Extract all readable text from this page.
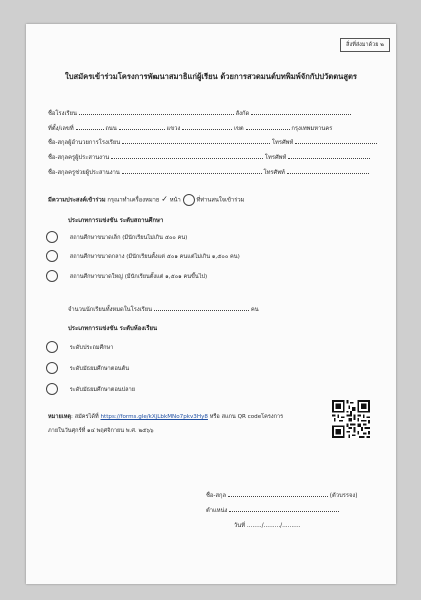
สิ่งที่ส่งมาด้วย ๒
ใบสมัครเข้าร่วมโครงการพัฒนาสมาธิแก่ผู้เรียน ด้วยการสวดมนต์บทพิมพ์จักกัปปวัตตนสูตร
ชื่อโรงเรียน	สังกัด
ที่ตั้ง/เลขที่	ถนน	แขวง	เขต	กรุงเทพมหานคร
ชื่อ-สกุลผู้อำนวยการโรงเรียน	โทรศัพท์
ชื่อ-สกุลครูผู้ประสานงาน	โทรศัพท์
ชื่อ-สกุลครูช่วยผู้ประสานงาน	โทรศัพท์
มีความประสงค์เข้าร่วม กรุณาทำเครื่องหมาย ✓ หน้า	ที่ท่านสนใจเข้าร่วม
ประเภทการแข่งขัน ระดับสถานศึกษา
สถานศึกษาขนาดเล็ก (มีนักเรียนไม่เกิน ๕๐๐ คน)
สถานศึกษาขนาดกลาง (มีนักเรียนตั้งแต่ ๕๐๑ คนแต่ไม่เกิน ๑,๕๐๐ คน)
สถานศึกษาขนาดใหญ่ (มีนักเรียนตั้งแต่ ๑,๕๐๑ คนขึ้นไป)
จำนวนนักเรียนทั้งหมดในโรงเรียน	คน
ประเภทการแข่งขัน ระดับห้องเรียน
ระดับประถมศึกษา
ระดับมัธยมศึกษาตอนต้น
ระดับมัธยมศึกษาตอนปลาย
หมายเหตุ: สมัครได้ที่ https://forms.gle/kXjLbkMNo7pkv3Hy8 หรือ สแกน QR codeโครงการ
ภายในวันศุกร์ที่ ๑๔ พฤศจิกายน พ.ศ. ๒๕๖๖
ชื่อ-สกุล	(ตัวบรรจง)
ตำแหน่ง
วันที่ ......../........./..........
